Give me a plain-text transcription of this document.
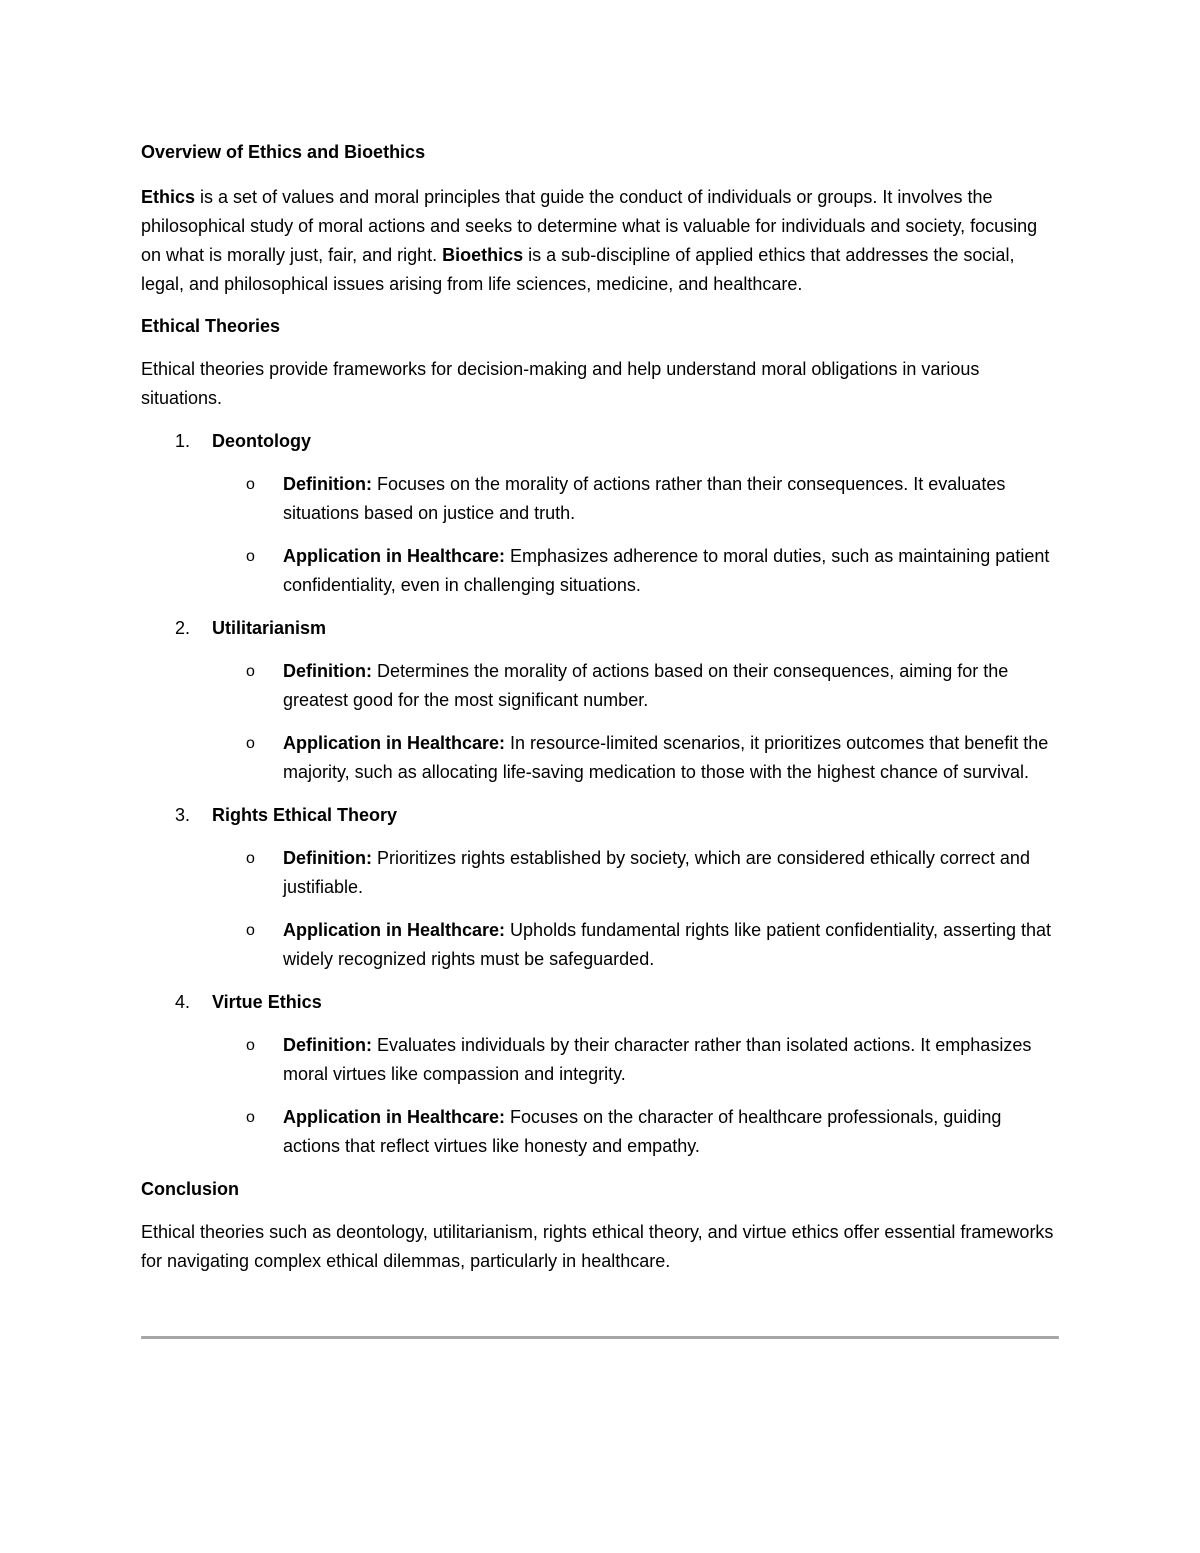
Overview of Ethics and Bioethics

Ethics is a set of values and moral principles that guide the conduct of individuals or groups. It involves the philosophical study of moral actions and seeks to determine what is valuable for individuals and society, focusing on what is morally just, fair, and right. Bioethics is a sub-discipline of applied ethics that addresses the social, legal, and philosophical issues arising from life sciences, medicine, and healthcare.

Ethical Theories

Ethical theories provide frameworks for decision-making and help understand moral obligations in various situations.

1. Deontology
o Definition: Focuses on the morality of actions rather than their consequences. It evaluates situations based on justice and truth.
o Application in Healthcare: Emphasizes adherence to moral duties, such as maintaining patient confidentiality, even in challenging situations.
2. Utilitarianism
o Definition: Determines the morality of actions based on their consequences, aiming for the greatest good for the most significant number.
o Application in Healthcare: In resource-limited scenarios, it prioritizes outcomes that benefit the majority, such as allocating life-saving medication to those with the highest chance of survival.
3. Rights Ethical Theory
o Definition: Prioritizes rights established by society, which are considered ethically correct and justifiable.
o Application in Healthcare: Upholds fundamental rights like patient confidentiality, asserting that widely recognized rights must be safeguarded.
4. Virtue Ethics
o Definition: Evaluates individuals by their character rather than isolated actions. It emphasizes moral virtues like compassion and integrity.
o Application in Healthcare: Focuses on the character of healthcare professionals, guiding actions that reflect virtues like honesty and empathy.
Conclusion

Ethical theories such as deontology, utilitarianism, rights ethical theory, and virtue ethics offer essential frameworks for navigating complex ethical dilemmas, particularly in healthcare.
